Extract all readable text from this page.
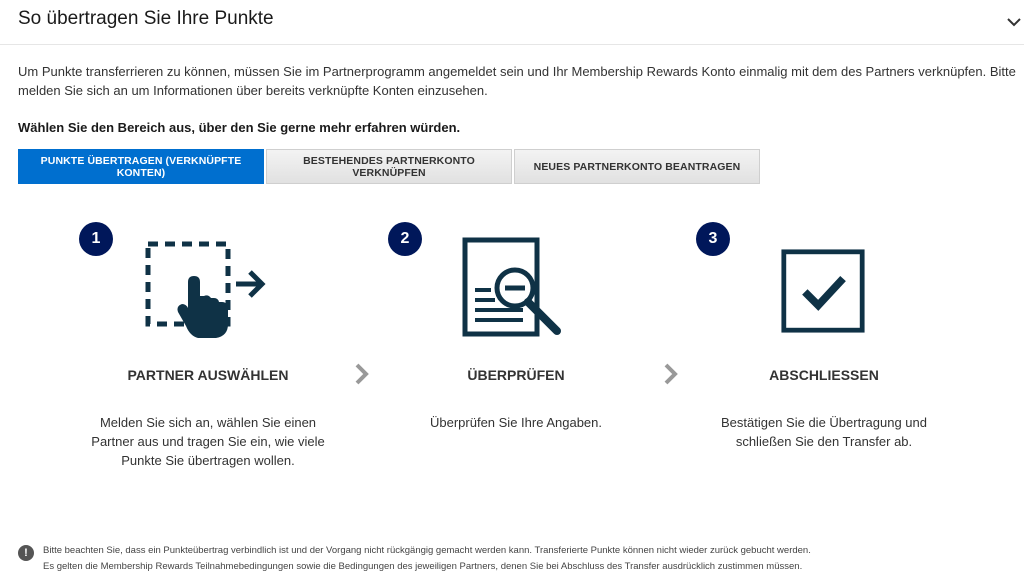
So übertragen Sie Ihre Punkte
Um Punkte transferrieren zu können, müssen Sie im Partnerprogramm angemeldet sein und Ihr Membership Rewards Konto einmalig mit dem des Partners verknüpfen. Bitte melden Sie sich an um Informationen über bereits verknüpfte Konten einzusehen.
Wählen Sie den Bereich aus, über den Sie gerne mehr erfahren würden.
PUNKTE ÜBERTRAGEN (VERKNÜPFTE KONTEN)
BESTEHENDES PARTNERKONTO VERKNÜPFEN	NEUES PARTNERKONTO BEANTRAGEN
1
PARTNER AUSWÄHLEN
Melden Sie sich an, wählen Sie einen Partner aus und tragen Sie ein, wie viele Punkte Sie übertragen wollen.
2
ÜBERPRÜFEN
Überprüfen Sie Ihre Angaben.
3
ABSCHLIESSEN
Bestätigen Sie die Übertragung und schließen Sie den Transfer ab.
!	Bitte beachten Sie, dass ein Punkteübertrag verbindlich ist und der Vorgang nicht rückgängig gemacht werden kann. Transferierte Punkte können nicht wieder zurück gebucht werden.
Es gelten die Membership Rewards Teilnahmebedingungen sowie die Bedingungen des jeweiligen Partners, denen Sie bei Abschluss des Transfer ausdrücklich zustimmen müssen.
